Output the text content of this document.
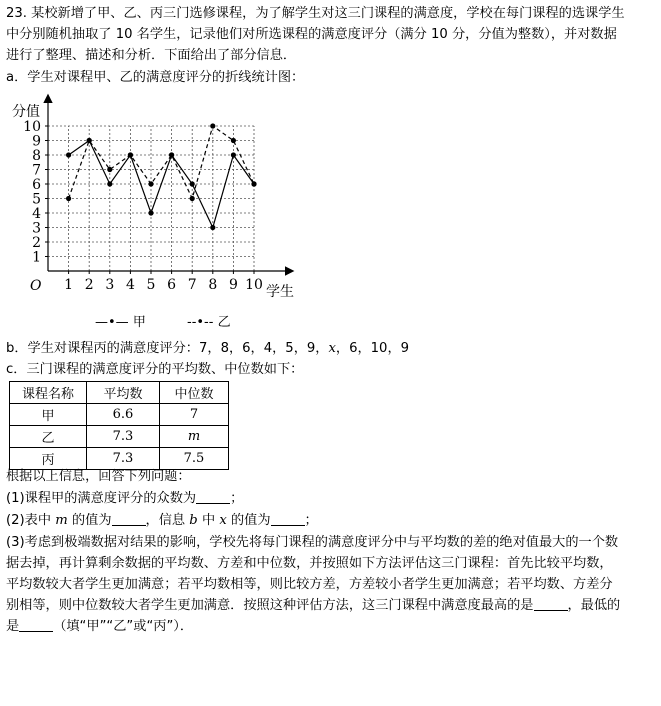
23. 某校新增了甲、乙、丙三门选修课程，为了解学生对这三门课程的满意度，学校在每门课程的选课学生
中分别随机抽取了 10 名学生，记录他们对所选课程的满意度评分（满分 10 分，分值为整数），并对数据
进行了整理、描述和分析．下面给出了部分信息．
a．学生对课程甲、乙的满意度评分的折线统计图：
分值
学生
O
1
2
3
4
5
6
7
8
9
10
1 2 3 4 5 6 7 8 9 10
—•— 甲	--•-- 乙
b．学生对课程丙的满意度评分：7，8，6，4，5，9，x，6，10，9
c．三门课程的满意度评分的平均数、中位数如下：
课程名称	平均数	中位数
甲	6.6	7
乙	7.3	m
丙	7.3	7.5
根据以上信息，回答下列问题：
(1)课程甲的满意度评分的众数为	；
(2)表中 m 的值为	，信息 b 中 x 的值为	；
(3)考虑到极端数据对结果的影响，学校先将每门课程的满意度评分中与平均数的差的绝对值最大的一个数
据去掉，再计算剩余数据的平均数、方差和中位数，并按照如下方法评估这三门课程：首先比较平均数，
平均数较大者学生更加满意；若平均数相等，则比较方差，方差较小者学生更加满意；若平均数、方差分
别相等，则中位数较大者学生更加满意．按照这种评估方法，这三门课程中满意度最高的是	，最低的
是	（填“甲”“乙”或“丙”）．
